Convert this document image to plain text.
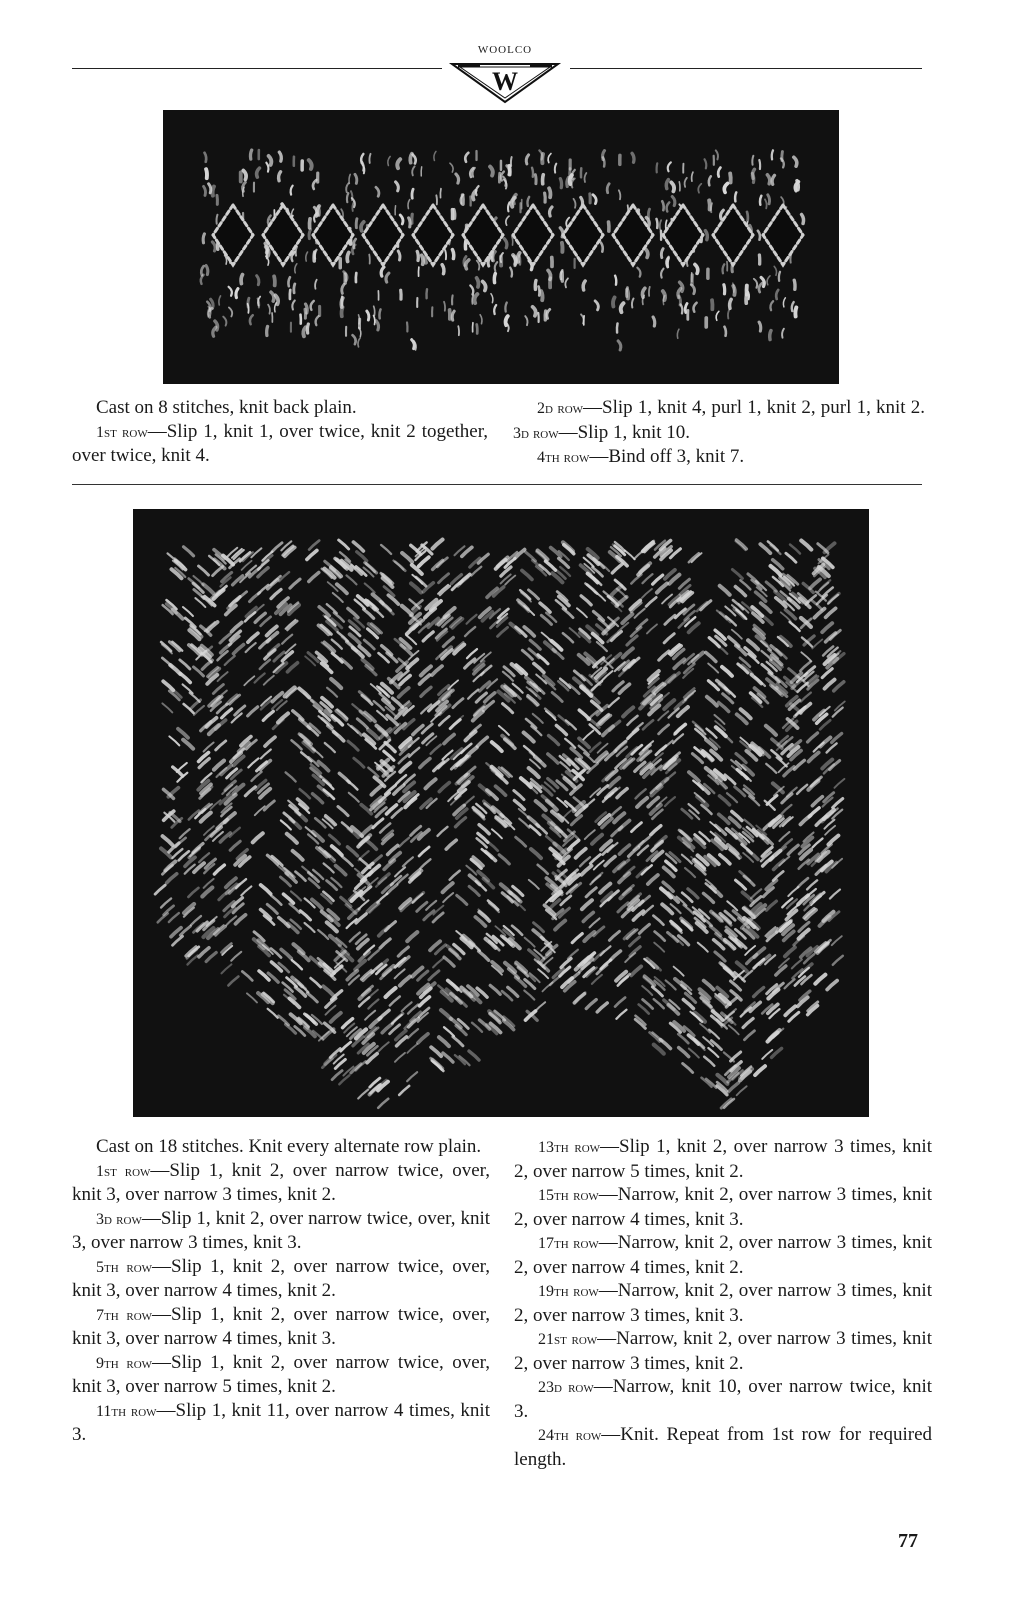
WOOLCO
W

Cast on 8 stitches, knit back plain.

1st row—Slip 1, knit 1, over twice, knit 2 together, over twice, knit 4.

2d row—Slip 1, knit 4, purl 1, knit 2, purl 1, knit 2. 3d row—Slip 1, knit 10.

4th row—Bind off 3, knit 7.

Cast on 18 stitches. Knit every alternate row plain.

1st row—Slip 1, knit 2, over narrow twice, over, knit 3, over narrow 3 times, knit 2.

3d row—Slip 1, knit 2, over narrow twice, over, knit 3, over narrow 3 times, knit 3.

5th row—Slip 1, knit 2, over narrow twice, over, knit 3, over narrow 4 times, knit 2.

7th row—Slip 1, knit 2, over narrow twice, over, knit 3, over narrow 4 times, knit 3.

9th row—Slip 1, knit 2, over narrow twice, over, knit 3, over narrow 5 times, knit 2.

11th row—Slip 1, knit 11, over narrow 4 times, knit 3.

13th row—Slip 1, knit 2, over narrow 3 times, knit 2, over narrow 5 times, knit 2.

15th row—Narrow, knit 2, over narrow 3 times, knit 2, over narrow 4 times, knit 3.

17th row—Narrow, knit 2, over narrow 3 times, knit 2, over narrow 4 times, knit 2.

19th row—Narrow, knit 2, over narrow 3 times, knit 2, over narrow 3 times, knit 3.

21st row—Narrow, knit 2, over narrow 3 times, knit 2, over narrow 3 times, knit 2.

23d row—Narrow, knit 10, over narrow twice, knit 3.

24th row—Knit. Repeat from 1st row for required length.

77
